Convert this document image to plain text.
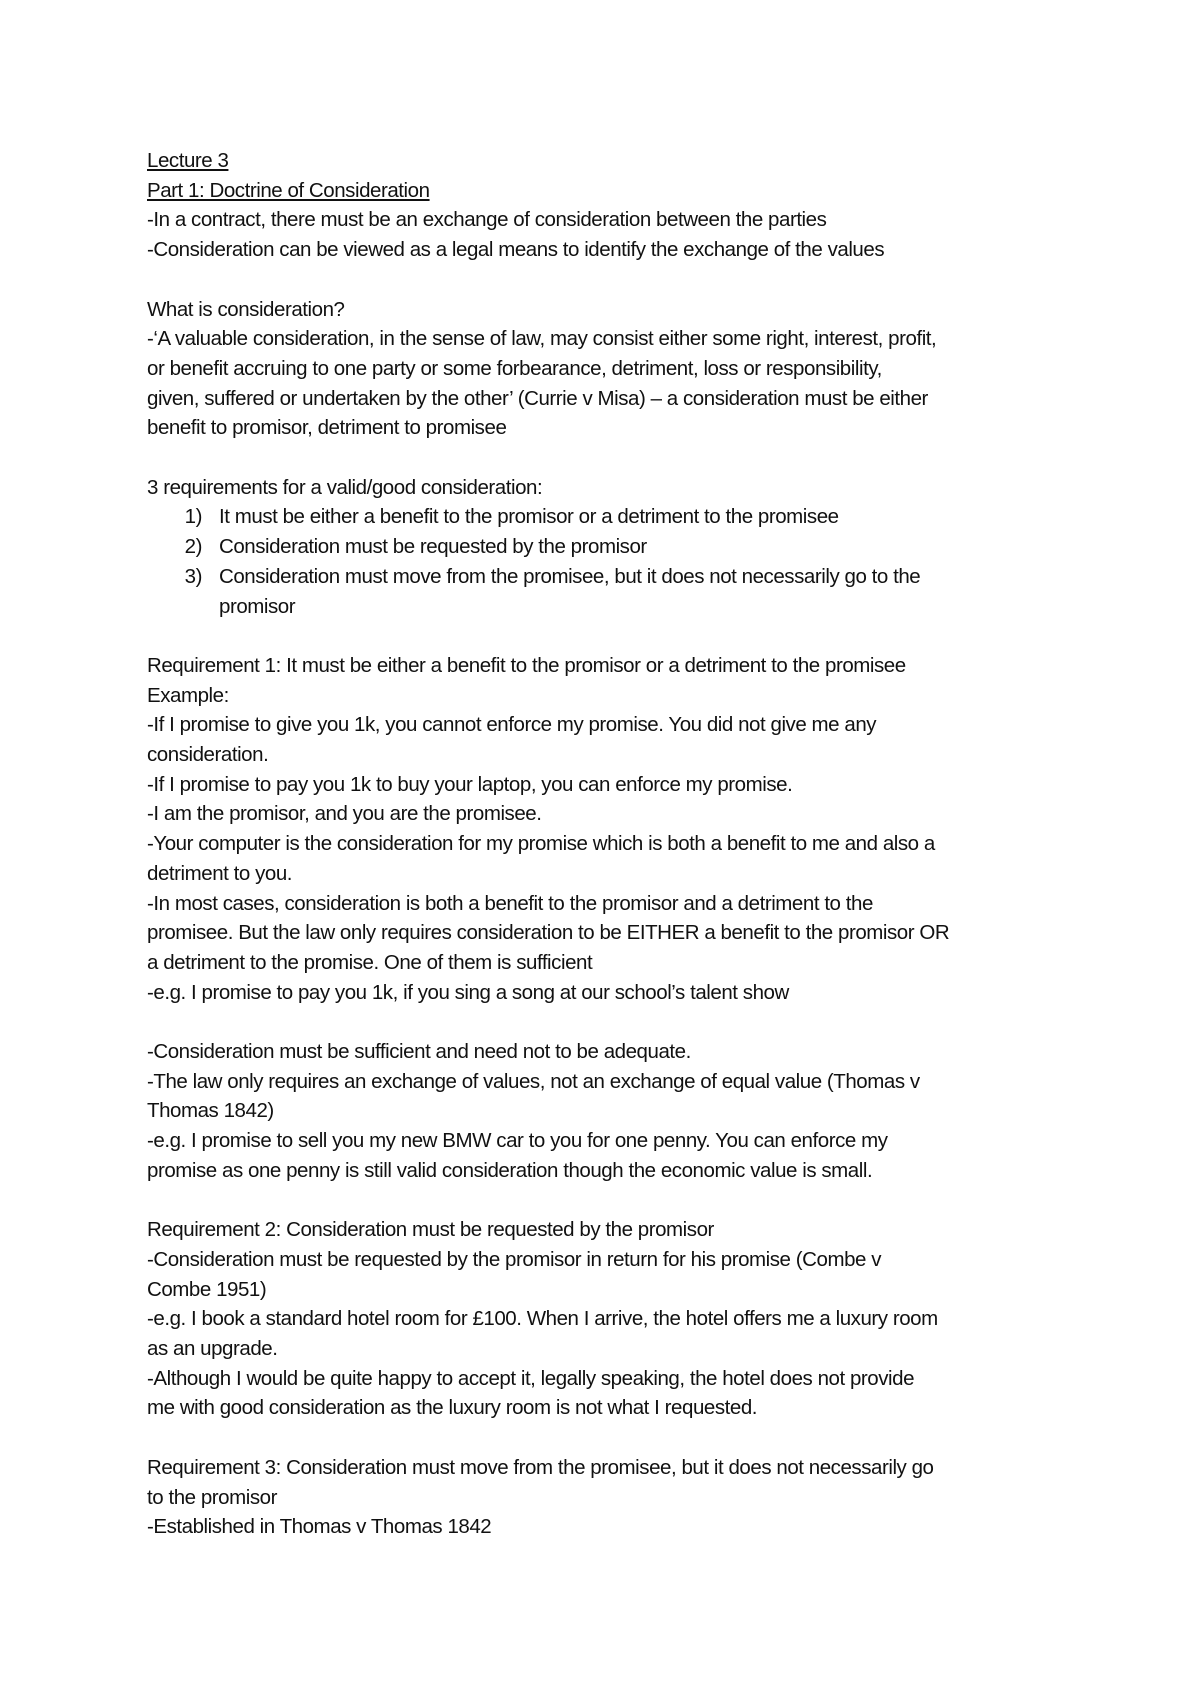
Lecture 3
Part 1: Doctrine of Consideration
-In a contract, there must be an exchange of consideration between the parties
-Consideration can be viewed as a legal means to identify the exchange of the values
What is consideration?
-‘A valuable consideration, in the sense of law, may consist either some right, interest, profit,
or benefit accruing to one party or some forbearance, detriment, loss or responsibility,
given, suffered or undertaken by the other’ (Currie v Misa) – a consideration must be either
benefit to promisor, detriment to promisee
3 requirements for a valid/good consideration:
1) It must be either a benefit to the promisor or a detriment to the promisee
2) Consideration must be requested by the promisor
3) Consideration must move from the promisee, but it does not necessarily go to the
promisor
Requirement 1: It must be either a benefit to the promisor or a detriment to the promisee
Example:
-If I promise to give you 1k, you cannot enforce my promise. You did not give me any
consideration.
-If I promise to pay you 1k to buy your laptop, you can enforce my promise.
-I am the promisor, and you are the promisee.
-Your computer is the consideration for my promise which is both a benefit to me and also a
detriment to you.
-In most cases, consideration is both a benefit to the promisor and a detriment to the
promisee. But the law only requires consideration to be EITHER a benefit to the promisor OR
a detriment to the promise. One of them is sufficient
-e.g. I promise to pay you 1k, if you sing a song at our school’s talent show
-Consideration must be sufficient and need not to be adequate.
-The law only requires an exchange of values, not an exchange of equal value (Thomas v
Thomas 1842)
-e.g. I promise to sell you my new BMW car to you for one penny. You can enforce my
promise as one penny is still valid consideration though the economic value is small.
Requirement 2: Consideration must be requested by the promisor
-Consideration must be requested by the promisor in return for his promise (Combe v
Combe 1951)
-e.g. I book a standard hotel room for £100. When I arrive, the hotel offers me a luxury room
as an upgrade.
-Although I would be quite happy to accept it, legally speaking, the hotel does not provide
me with good consideration as the luxury room is not what I requested.
Requirement 3: Consideration must move from the promisee, but it does not necessarily go
to the promisor
-Established in Thomas v Thomas 1842
